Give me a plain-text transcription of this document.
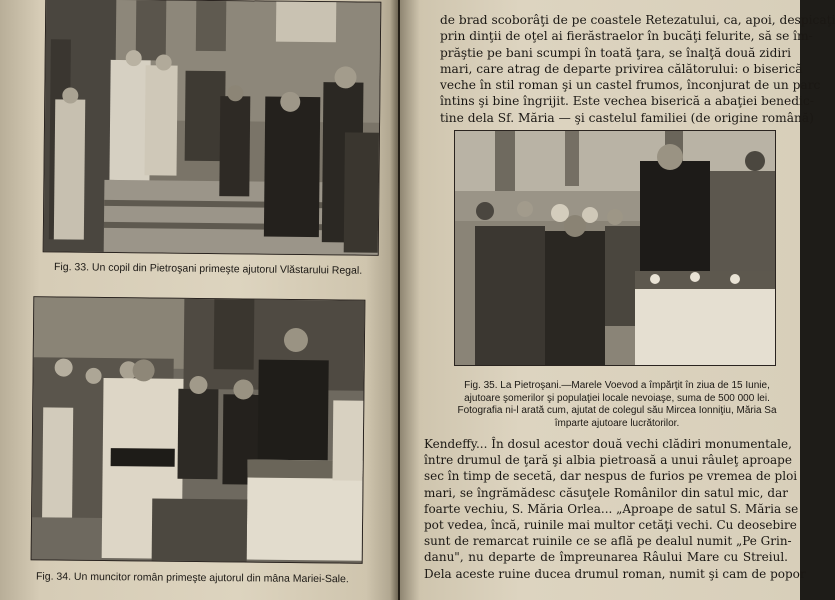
Fig. 33. Un copil din Pietroşani primeşte ajutorul Vlăstarului Regal.
Fig. 34. Un muncitor român primeşte ajutorul din mâna Mariei-Sale.
de brad scoborâţi de pe coastele Retezatului, ca, apoi, despicaţi
prin dinţii de oţel ai fierăstraelor în bucăţi felurite, să se îm-
prăştie pe bani scumpi în toată ţara, se înalţă două zidiri
mari, care atrag de departe privirea călătorului: o biserică
veche în stil roman şi un castel frumos, înconjurat de un parc
întins şi bine îngrijit. Este vechea biserică a abaţiei benedic-
tine dela Sf. Măria — şi castelul familiei (de origine română)
Fig. 35. La Pietroşani.—Marele Voevod a împărţit în ziua de 15 Iunie,
ajutoare şomerilor şi populaţiei locale nevoiaşe, suma de 500 000 lei.
Fotografia ni-l arată cum, ajutat de colegul său Mircea Ionniţiu, Măria Sa
împarte ajutoare lucrătorilor.
Kendeffy... În dosul acestor două vechi clădiri monumentale,
între drumul de ţară şi albia pietroasă a unui râuleţ aproape
sec în timp de secetă, dar nespus de furios pe vremea de ploi
mari, se îngrămădesc căsuţele Românilor din satul mic, dar
foarte vechiu, S. Măria Orlea... „Aproape de satul S. Măria se
pot vedea, încă, ruinile mai multor cetăţi vechi. Cu deosebire
sunt de remarcat ruinile ce se află pe dealul numit „Pe Grin-
danu", nu departe de împreunarea Râului Mare cu Streiul.
Dela aceste ruine ducea drumul roman, numit şi cam de popor
